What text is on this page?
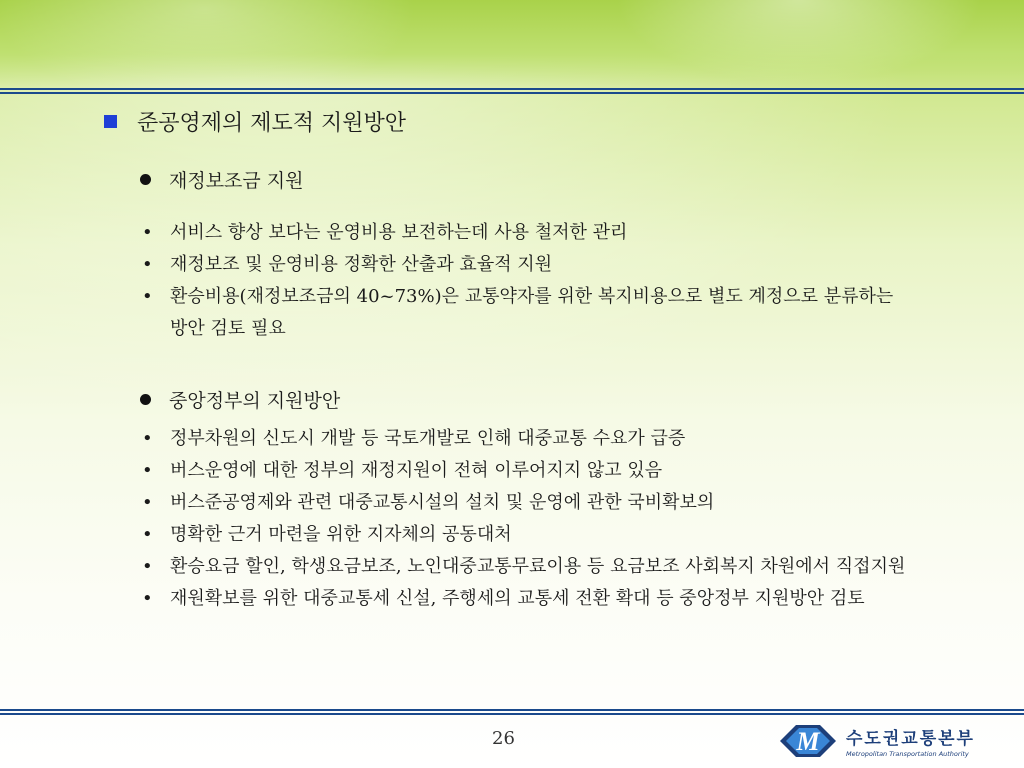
준공영제의 제도적 지원방안
재정보조금 지원
• 서비스 향상 보다는 운영비용 보전하는데 사용 철저한 관리
• 재정보조 및 운영비용 정확한 산출과 효율적 지원
• 환승비용(재정보조금의 40~73%)은 교통약자를 위한 복지비용으로 별도 계정으로 분류하는 방안 검토 필요
중앙정부의 지원방안
• 정부차원의 신도시 개발 등 국토개발로 인해 대중교통 수요가 급증
• 버스운영에 대한 정부의 재정지원이 전혀 이루어지지 않고 있음
• 버스준공영제와 관련 대중교통시설의 설치 및 운영에 관한 국비확보의
• 명확한 근거 마련을 위한 지자체의 공동대처
• 환승요금 할인, 학생요금보조, 노인대중교통무료이용 등 요금보조 사회복지 차원에서 직접지원
• 재원확보를 위한 대중교통세 신설, 주행세의 교통세 전환 확대 등 중앙정부 지원방안 검토
26	M 수도권교통본부
Metropolitan Transportation Authority
